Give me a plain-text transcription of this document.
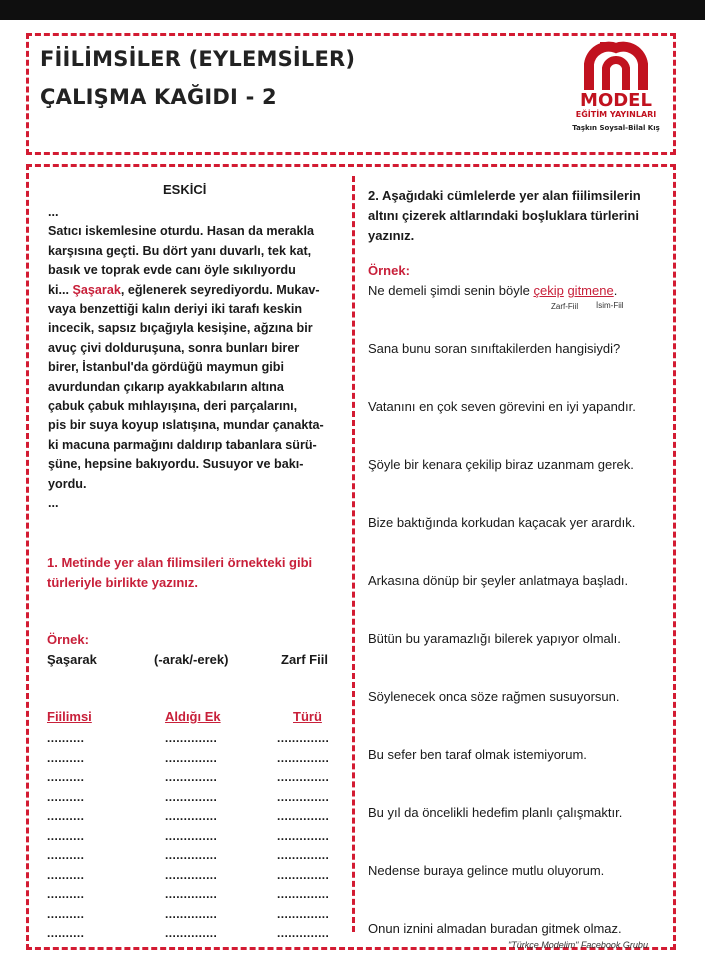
FİİLİMSİLER (EYLEMSİLER)
ÇALIŞMA KAĞIDI - 2	MODEL
EĞİTİM YAYINLARI
Taşkın Soysal-Bilal Kış
ESKİCİ
...
Satıcı iskemlesine oturdu. Hasan da merakla
karşısına geçti. Bu dört yanı duvarlı, tek kat,
basık ve toprak evde canı öyle sıkılıyordu
ki... Şaşarak, eğlenerek seyrediyordu. Mukav-
vaya benzettiği kalın deriyi iki tarafı keskin
incecik, sapsız bıçağıyla kesişine, ağzına bir
avuç çivi dolduruşuna, sonra bunları birer
birer, İstanbul'da gördüğü maymun gibi
avurdundan çıkarıp ayakkabıların altına
çabuk çabuk mıhlayışına, deri parçalarını,
pis bir suya koyup ıslatışına, mundar çanakta-
ki macuna parmağını daldırıp tabanlara sürü-
şüne, hepsine bakıyordu. Susuyor ve bakı-
yordu.
...
1. Metinde yer alan filimsileri örnekteki gibi
türleriyle birlikte yazınız.
Örnek:
Şaşarak	(-arak/-erek)	Zarf Fiil
Fiilimsi	Aldığı Ek	Türü
..........	..............	..............
..........	..............	..............
..........	..............	..............
..........	..............	..............
..........	..............	..............
..........	..............	..............
..........	..............	..............
..........	..............	..............
..........	..............	..............
..........	..............	..............
..........	..............	..............
2. Aşağıdaki cümlelerde yer alan fiilimsilerin
altını çizerek altlarındaki boşluklara türlerini
yazınız.
Örnek:
Ne demeli şimdi senin böyle çekip gitmene.
Zarf-Fiil İsim-Fiil
Sana bunu soran sınıftakilerden hangisiydi?
Vatanını en çok seven görevini en iyi yapandır.
Şöyle bir kenara çekilip biraz uzanmam gerek.
Bize baktığında korkudan kaçacak yer arardık.
Arkasına dönüp bir şeyler anlatmaya başladı.
Bütün bu yaramazlığı bilerek yapıyor olmalı.
Söylenecek onca söze rağmen susuyorsun.
Bu sefer ben taraf olmak istemiyorum.
Bu yıl da öncelikli hedefim planlı çalışmaktır.
Nedense buraya gelince mutlu oluyorum.
Onun iznini almadan buradan gitmek olmaz.
"Türkçe Modelim" Facebook Grubu
